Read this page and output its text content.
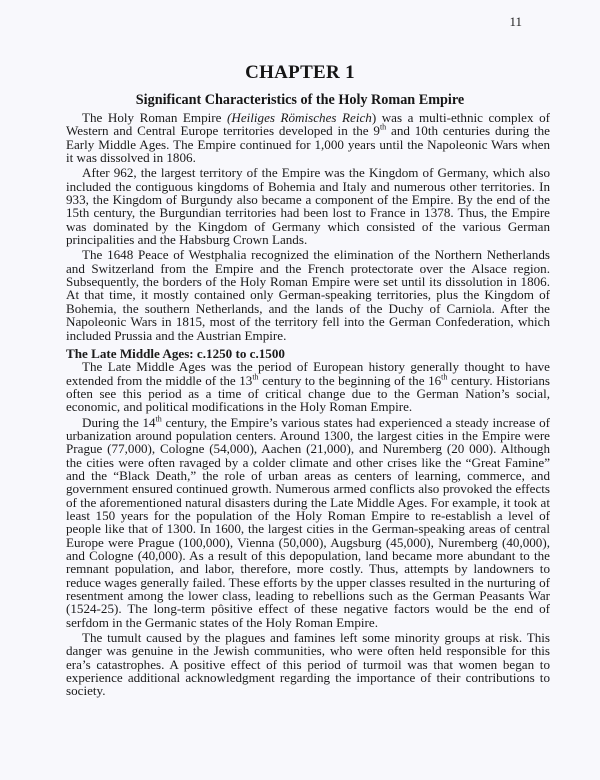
11
CHAPTER 1
Significant Characteristics of the Holy Roman Empire

The Holy Roman Empire (Heiliges Römisches Reich) was a multi-ethnic complex of Western and Central Europe territories developed in the 9th and 10th centuries during the Early Middle Ages. The Empire continued for 1,000 years until the Napoleonic Wars when it was dissolved in 1806.

After 962, the largest territory of the Empire was the Kingdom of Germany, which also included the contiguous kingdoms of Bohemia and Italy and numerous other territories. In 933, the Kingdom of Burgundy also became a component of the Empire. By the end of the 15th century, the Burgundian territories had been lost to France in 1378. Thus, the Empire was dominated by the Kingdom of Germany which consisted of the various German principalities and the Habsburg Crown Lands.

The 1648 Peace of Westphalia recognized the elimination of the Northern Netherlands and Switzerland from the Empire and the French protectorate over the Alsace region. Subsequently, the borders of the Holy Roman Empire were set until its dissolution in 1806. At that time, it mostly contained only German-speaking territories, plus the Kingdom of Bohemia, the southern Netherlands, and the lands of the Duchy of Carniola. After the Napoleonic Wars in 1815, most of the territory fell into the German Confederation, which included Prussia and the Austrian Empire.

The Late Middle Ages: c.1250 to c.1500

The Late Middle Ages was the period of European history generally thought to have extended from the middle of the 13th century to the beginning of the 16th century. Historians often see this period as a time of critical change due to the German Nation’s social, economic, and political modifications in the Holy Roman Empire.

During the 14th century, the Empire’s various states had experienced a steady increase of urbanization around population centers. Around 1300, the largest cities in the Empire were Prague (77,000), Cologne (54,000), Aachen (21,000), and Nuremberg (20 000). Although the cities were often ravaged by a colder climate and other crises like the “Great Famine” and the “Black Death,” the role of urban areas as centers of learning, commerce, and government ensured continued growth. Numerous armed conflicts also provoked the effects of the aforementioned natural disasters during the Late Middle Ages. For example, it took at least 150 years for the population of the Holy Roman Empire to re-establish a level of people like that of 1300. In 1600, the largest cities in the German-speaking areas of central Europe were Prague (100,000), Vienna (50,000), Augsburg (45,000), Nuremberg (40,000), and Cologne (40,000). As a result of this depopulation, land became more abundant to the remnant population, and labor, therefore, more costly. Thus, attempts by landowners to reduce wages generally failed. These efforts by the upper classes resulted in the nurturing of resentment among the lower class, leading to rebellions such as the German Peasants War (1524-25). The long-term pôsitive effect of these negative factors would be the end of serfdom in the Germanic states of the Holy Roman Empire.

The tumult caused by the plagues and famines left some minority groups at risk. This danger was genuine in the Jewish communities, who were often held responsible for this era’s catastrophes. A positive effect of this period of turmoil was that women began to experience additional acknowledgment regarding the importance of their contributions to society.
